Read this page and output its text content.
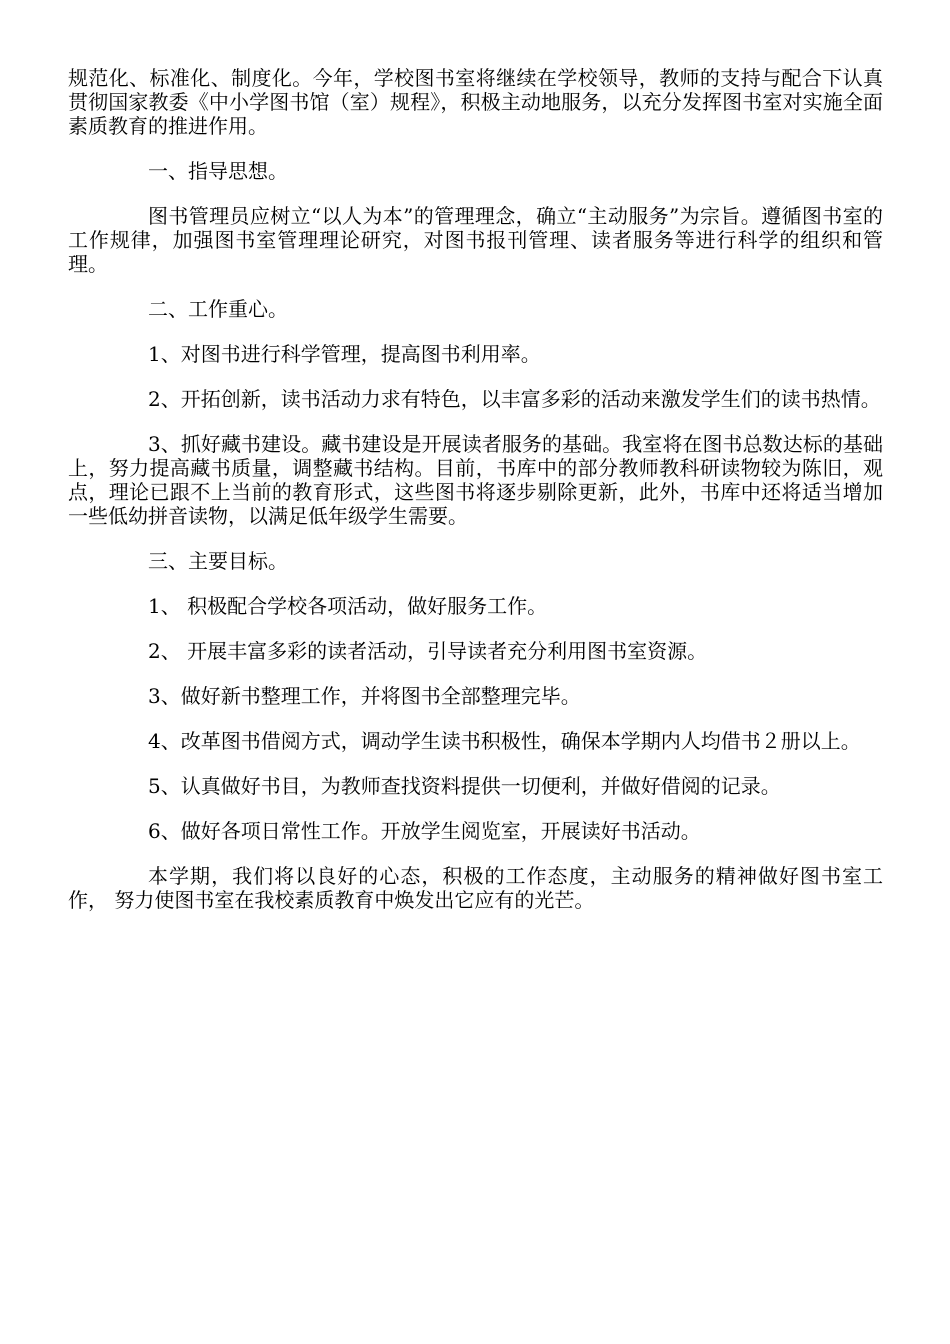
规范化、标准化、制度化。今年，学校图书室将继续在学校领导，教师的支持与配合下认真贯彻国家教委《中小学图书馆（室）规程》，积极主动地服务，以充分发挥图书室对实施全面素质教育的推进作用。

一、指导思想。

图书管理员应树立“以人为本”的管理理念，确立“主动服务”为宗旨。遵循图书室的工作规律，加强图书室管理理论研究，对图书报刊管理、读者服务等进行科学的组织和管理。

二、工作重心。

1、对图书进行科学管理，提高图书利用率。

2、开拓创新，读书活动力求有特色，以丰富多彩的活动来激发学生们的读书热情。

3、抓好藏书建设。藏书建设是开展读者服务的基础。我室将在图书总数达标的基础上，努力提高藏书质量，调整藏书结构。目前，书库中的部分教师教科研读物较为陈旧，观点，理论已跟不上当前的教育形式，这些图书将逐步剔除更新，此外，书库中还将适当增加一些低幼拼音读物，以满足低年级学生需要。

三、主要目标。

1、 积极配合学校各项活动，做好服务工作。

2、 开展丰富多彩的读者活动，引导读者充分利用图书室资源。

3、做好新书整理工作，并将图书全部整理完毕。

4、改革图书借阅方式，调动学生读书积极性，确保本学期内人均借书２册以上。

5、认真做好书目，为教师查找资料提供一切便利，并做好借阅的记录。

6、做好各项日常性工作。开放学生阅览室，开展读好书活动。

本学期，我们将以良好的心态，积极的工作态度，主动服务的精神做好图书室工作， 努力使图书室在我校素质教育中焕发出它应有的光芒。
